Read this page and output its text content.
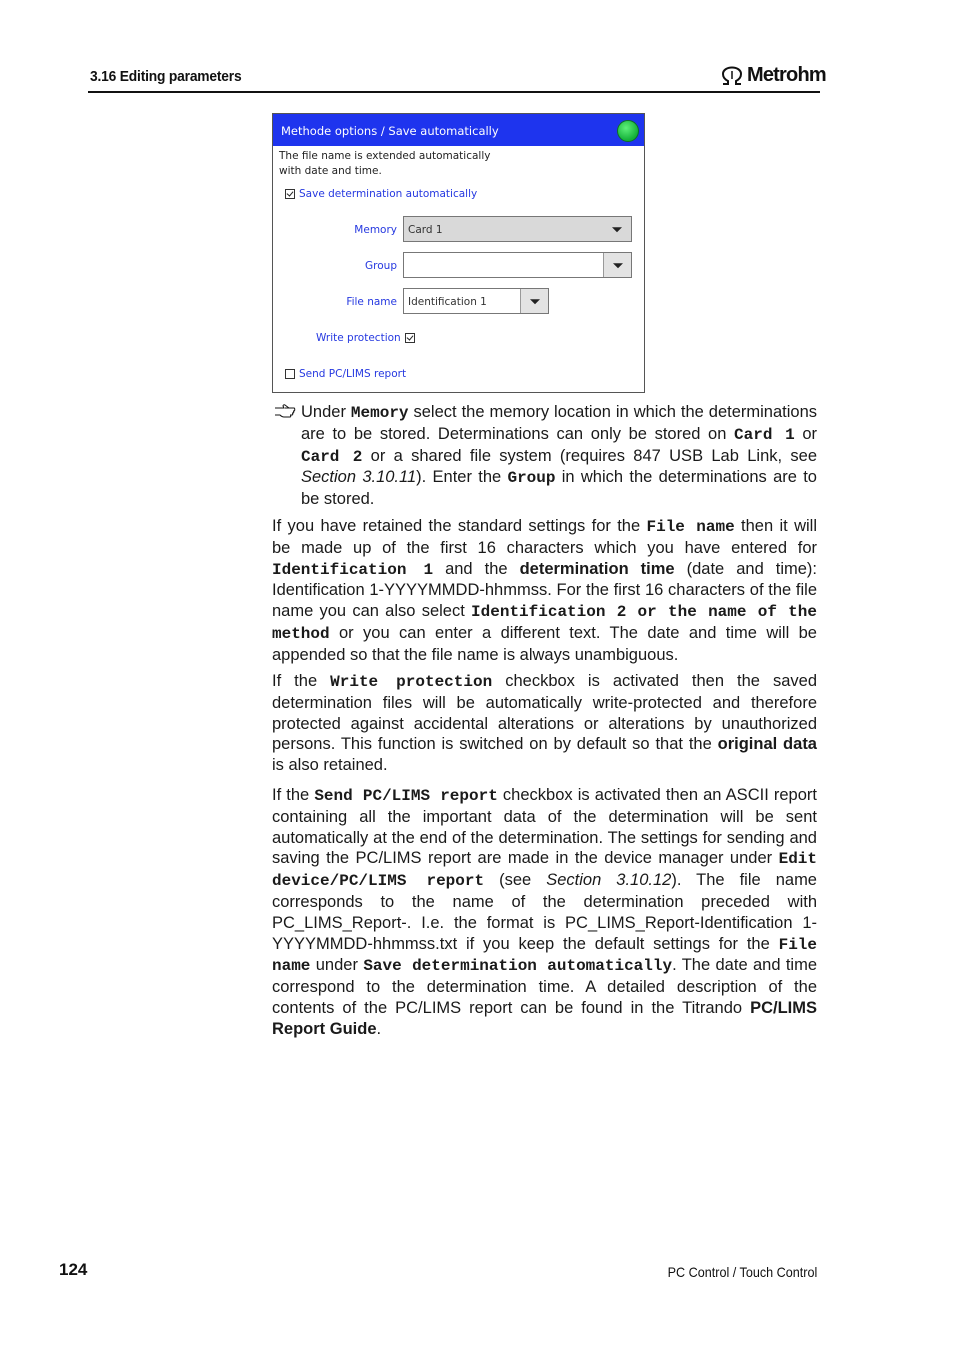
3.16 Editing parameters	Metrohm
Methode options / Save automatically
The file name is extended automatically
with date and time.
Save determination automatically
Memory Card 1
Group
File name Identification 1
Write protection
Send PC/LIMS report
Under Memory select the memory location in which the determinations are to be stored. Determinations can only be stored on Card 1 or Card 2 or a shared file system (requires 847 USB Lab Link, see Section 3.10.11). Enter the Group in which the determinations are to be stored.
If you have retained the standard settings for the File name then it will be made up of the first 16 characters which you have entered for Identification 1 and the determination time (date and time): Identification 1-YYYYMMDD-hhmmss. For the first 16 characters of the file name you can also select Identification 2 or the name of the method or you can enter a different text. The date and time will be appended so that the file name is always unambiguous.
If the Write protection checkbox is activated then the saved determination files will be automatically write-protected and therefore protected against accidental alterations or alterations by unauthorized persons. This function is switched on by default so that the original data is also retained.
If the Send PC/LIMS report checkbox is activated then an ASCII report containing all the important data of the determination will be sent automatically at the end of the determination. The settings for sending and saving the PC/LIMS report are made in the device manager under Edit device/PC/LIMS report (see Section 3.10.12). The file name corresponds to the name of the determination preceded with PC_LIMS_Report-. I.e. the format is PC_LIMS_Report-Identification 1-YYYYMMDD-hhmmss.txt if you keep the default settings for the File name under Save determination automatically. The date and time correspond to the determination time. A detailed description of the contents of the PC/LIMS report can be found in the Titrando PC/LIMS Report Guide.
124	PC Control / Touch Control
